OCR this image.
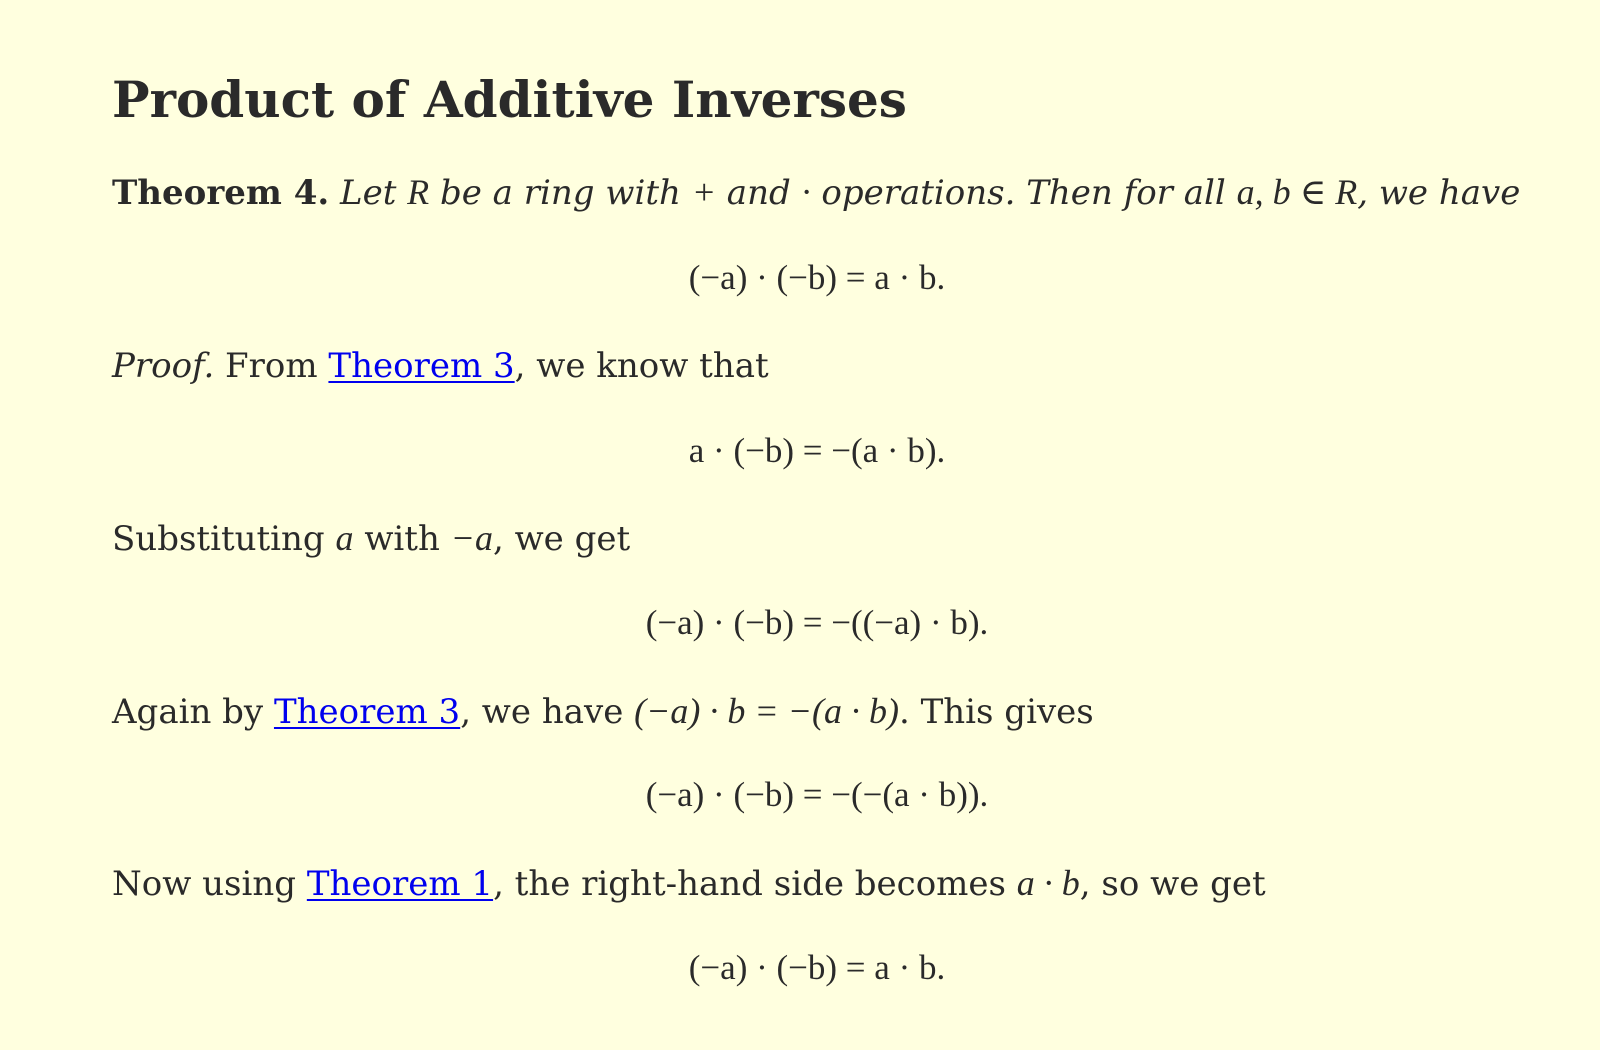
Product of Additive Inverses

Theorem 4. Let R be a ring with + and · operations. Then for all a, b ∈ R, we have

(−a) · (−b) = a · b.

Proof. From Theorem 3, we know that

a · (−b) = −(a · b).

Substituting a with −a, we get

(−a) · (−b) = −((−a) · b).

Again by Theorem 3, we have (−a) · b = −(a · b). This gives

(−a) · (−b) = −(−(a · b)).

Now using Theorem 1, the right-hand side becomes a · b, so we get

(−a) · (−b) = a · b.
